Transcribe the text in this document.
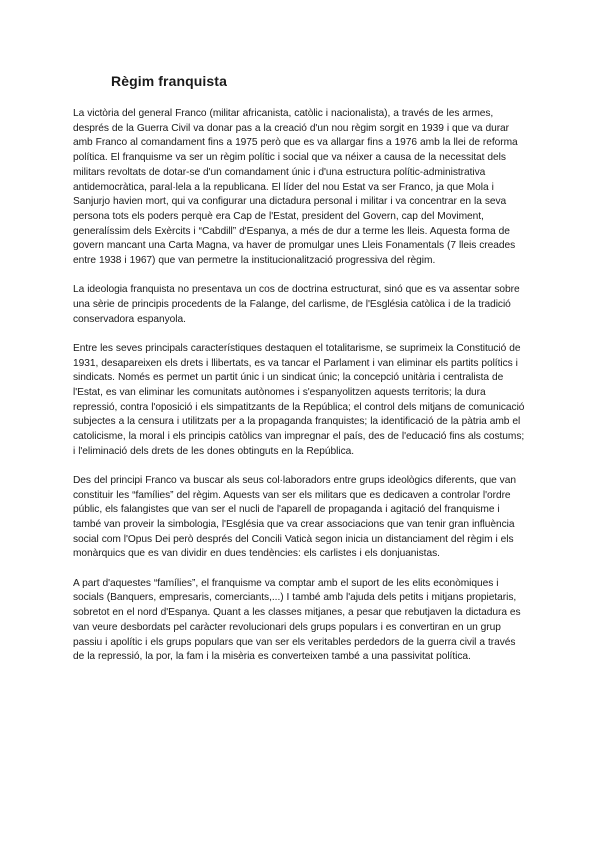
Règim franquista

La victòria del general Franco (militar africanista, catòlic i nacionalista), a través de les armes, després de la Guerra Civil va donar pas a la creació d'un nou règim sorgit en 1939 i que va durar amb Franco al comandament fins a 1975 però que es va allargar fins a 1976 amb la llei de reforma política. El franquisme va ser un règim polític i social que va néixer a causa de la necessitat dels militars revoltats de dotar-se d'un comandament únic i d'una estructura polític-administrativa antidemocràtica, paral·lela a la republicana. El líder del nou Estat va ser Franco, ja que Mola i Sanjurjo havien mort, qui va configurar una dictadura personal i militar i va concentrar en la seva persona tots els poders perquè era Cap de l'Estat, president del Govern, cap del Moviment, generalíssim dels Exèrcits i “Cabdill” d'Espanya, a més de dur a terme les lleis. Aquesta forma de govern mancant una Carta Magna, va haver de promulgar unes Lleis Fonamentals (7 lleis creades entre 1938 i 1967) que van permetre la institucionalització progressiva del règim.

La ideologia franquista no presentava un cos de doctrina estructurat, sinó que es va assentar sobre una sèrie de principis procedents de la Falange, del carlisme, de l'Església catòlica i de la tradició conservadora espanyola.

Entre les seves principals característiques destaquen el totalitarisme, se suprimeix la Constitució de 1931, desapareixen els drets i llibertats, es va tancar el Parlament i van eliminar els partits polítics i sindicats. Només es permet un partit únic i un sindicat únic; la concepció unitària i centralista de l'Estat, es van eliminar les comunitats autònomes i s'espanyolitzen aquests territoris; la dura repressió, contra l'oposició i els simpatitzants de la República; el control dels mitjans de comunicació subjectes a la censura i utilitzats per a la propaganda franquistes; la identificació de la pàtria amb el catolicisme, la moral i els principis catòlics van impregnar el país, des de l'educació fins als costums; i l'eliminació dels drets de les dones obtinguts en la República.

Des del principi Franco va buscar als seus col·laboradors entre grups ideològics diferents, que van constituir les “famílies” del règim. Aquests van ser els militars que es dedicaven a controlar l'ordre públic, els falangistes que van ser el nucli de l'aparell de propaganda i agitació del franquisme i també van proveir la simbologia, l'Església que va crear associacions que van tenir gran influència social com l'Opus Dei però després del Concili Vaticà segon inicia un distanciament del règim i els monàrquics que es van dividir en dues tendències: els carlistes i els donjuanistas.

A part d'aquestes “famílies”, el franquisme va comptar amb el suport de les elits econòmiques i socials (Banquers, empresaris, comerciants,...) I també amb l'ajuda dels petits i mitjans propietaris, sobretot en el nord d'Espanya. Quant a les classes mitjanes, a pesar que rebutjaven la dictadura es van veure desbordats pel caràcter revolucionari dels grups populars i es convertiran en un grup passiu i apolític i els grups populars que van ser els veritables perdedors de la guerra civil a través de la repressió, la por, la fam i la misèria es converteixen també a una passivitat política.
